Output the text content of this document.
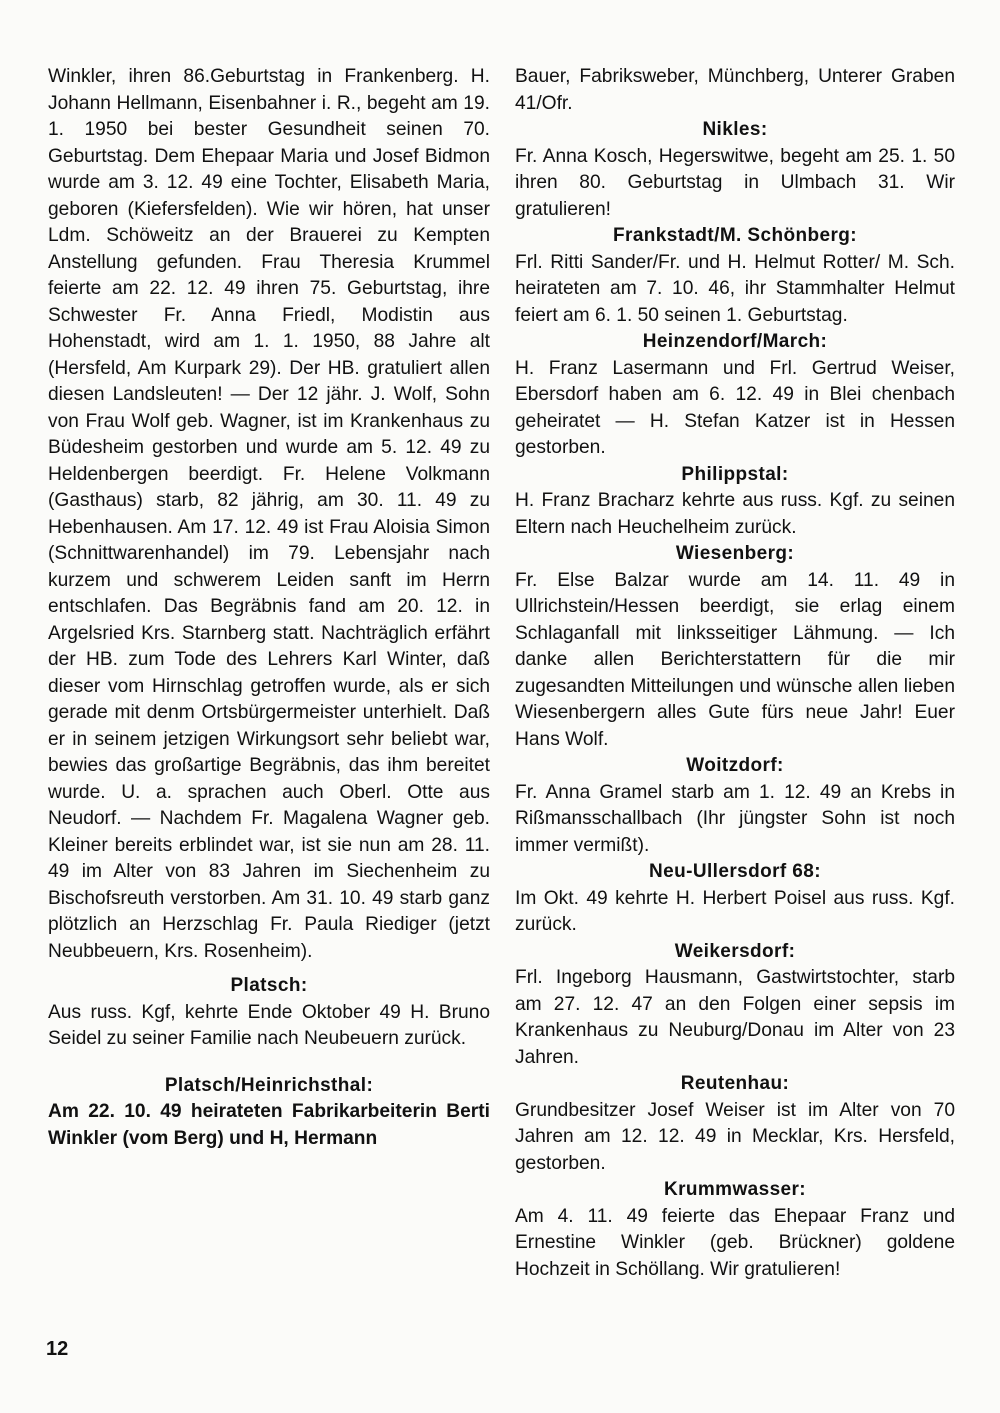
Winkler, ihren 86.Geburtstag in Frankenberg. H. Johann Hellmann, Eisenbahner i. R., begeht am 19. 1. 1950 bei bester Gesundheit seinen 70. Geburtstag. Dem Ehepaar Maria und Josef Bidmon wurde am 3. 12. 49 eine Tochter, Elisabeth Maria, geboren (Kiefersfelden). Wie wir hören, hat unser Ldm. Schöweitz an der Brauerei zu Kempten Anstellung gefunden. Frau Theresia Krummel feierte am 22. 12. 49 ihren 75. Geburtstag, ihre Schwester Fr. Anna Friedl, Modistin aus Hohenstadt, wird am 1. 1. 1950, 88 Jahre alt (Hersfeld, Am Kurpark 29). Der HB. gratuliert allen diesen Landsleuten! — Der 12 jähr. J. Wolf, Sohn von Frau Wolf geb. Wagner, ist im Krankenhaus zu Büdesheim gestorben und wurde am 5. 12. 49 zu Heldenbergen beerdigt. Fr. Helene Volkmann (Gasthaus) starb, 82 jährig, am 30. 11. 49 zu Hebenhausen. Am 17. 12. 49 ist Frau Aloisia Simon (Schnittwarenhandel) im 79. Lebensjahr nach kurzem und schwerem Leiden sanft im Herrn entschlafen. Das Begräbnis fand am 20. 12. in Argelsried Krs. Starnberg statt. Nachträglich erfährt der HB. zum Tode des Lehrers Karl Winter, daß dieser vom Hirnschlag getroffen wurde, als er sich gerade mit denm Ortsbürgermeister unterhielt. Daß er in seinem jetzigen Wirkungsort sehr beliebt war, bewies das großartige Begräbnis, das ihm bereitet wurde. U. a. sprachen auch Oberl. Otte aus Neudorf. — Nachdem Fr. Magalena Wagner geb. Kleiner bereits erblindet war, ist sie nun am 28. 11. 49 im Alter von 83 Jahren im Siechenheim zu Bischofsreuth verstorben. Am 31. 10. 49 starb ganz plötzlich an Herzschlag Fr. Paula Riediger (jetzt Neubbeuern, Krs. Rosenheim).

Platsch:

Aus russ. Kgf, kehrte Ende Oktober 49 H. Bruno Seidel zu seiner Familie nach Neubeuern zurück.

Platsch/Heinrichsthal:

Am 22. 10. 49 heirateten Fabrikarbeiterin Berti Winkler (vom Berg) und H, Hermann

Bauer, Fabriksweber, Münchberg, Unterer Graben 41/Ofr.

Nikles:

Fr. Anna Kosch, Hegerswitwe, begeht am 25. 1. 50 ihren 80. Geburtstag in Ulmbach 31. Wir gratulieren!

Frankstadt/M. Schönberg:

Frl. Ritti Sander/Fr. und H. Helmut Rotter/ M. Sch. heirateten am 7. 10. 46, ihr Stammhalter Helmut feiert am 6. 1. 50 seinen 1. Geburtstag.

Heinzendorf/March:

H. Franz Lasermann und Frl. Gertrud Weiser, Ebersdorf haben am 6. 12. 49 in Blei chenbach geheiratet — H. Stefan Katzer ist in Hessen gestorben.

Philippstal:

H. Franz Bracharz kehrte aus russ. Kgf. zu seinen Eltern nach Heuchelheim zurück.

Wiesenberg:

Fr. Else Balzar wurde am 14. 11. 49 in Ullrichstein/Hessen beerdigt, sie erlag einem Schlaganfall mit linksseitiger Lähmung. — Ich danke allen Berichterstattern für die mir zugesandten Mitteilungen und wünsche allen lieben Wiesenbergern alles Gute fürs neue Jahr! Euer Hans Wolf.

Woitzdorf:

Fr. Anna Gramel starb am 1. 12. 49 an Krebs in Rißmansschallbach (Ihr jüngster Sohn ist noch immer vermißt).

Neu-Ullersdorf 68:

Im Okt. 49 kehrte H. Herbert Poisel aus russ. Kgf. zurück.

Weikersdorf:

Frl. Ingeborg Hausmann, Gastwirtstochter, starb am 27. 12. 47 an den Folgen einer sepsis im Krankenhaus zu Neuburg/Donau im Alter von 23 Jahren.

Reutenhau:

Grundbesitzer Josef Weiser ist im Alter von 70 Jahren am 12. 12. 49 in Mecklar, Krs. Hersfeld, gestorben.

Krummwasser:

Am 4. 11. 49 feierte das Ehepaar Franz und Ernestine Winkler (geb. Brückner) goldene Hochzeit in Schöllang. Wir gratulieren!

12
